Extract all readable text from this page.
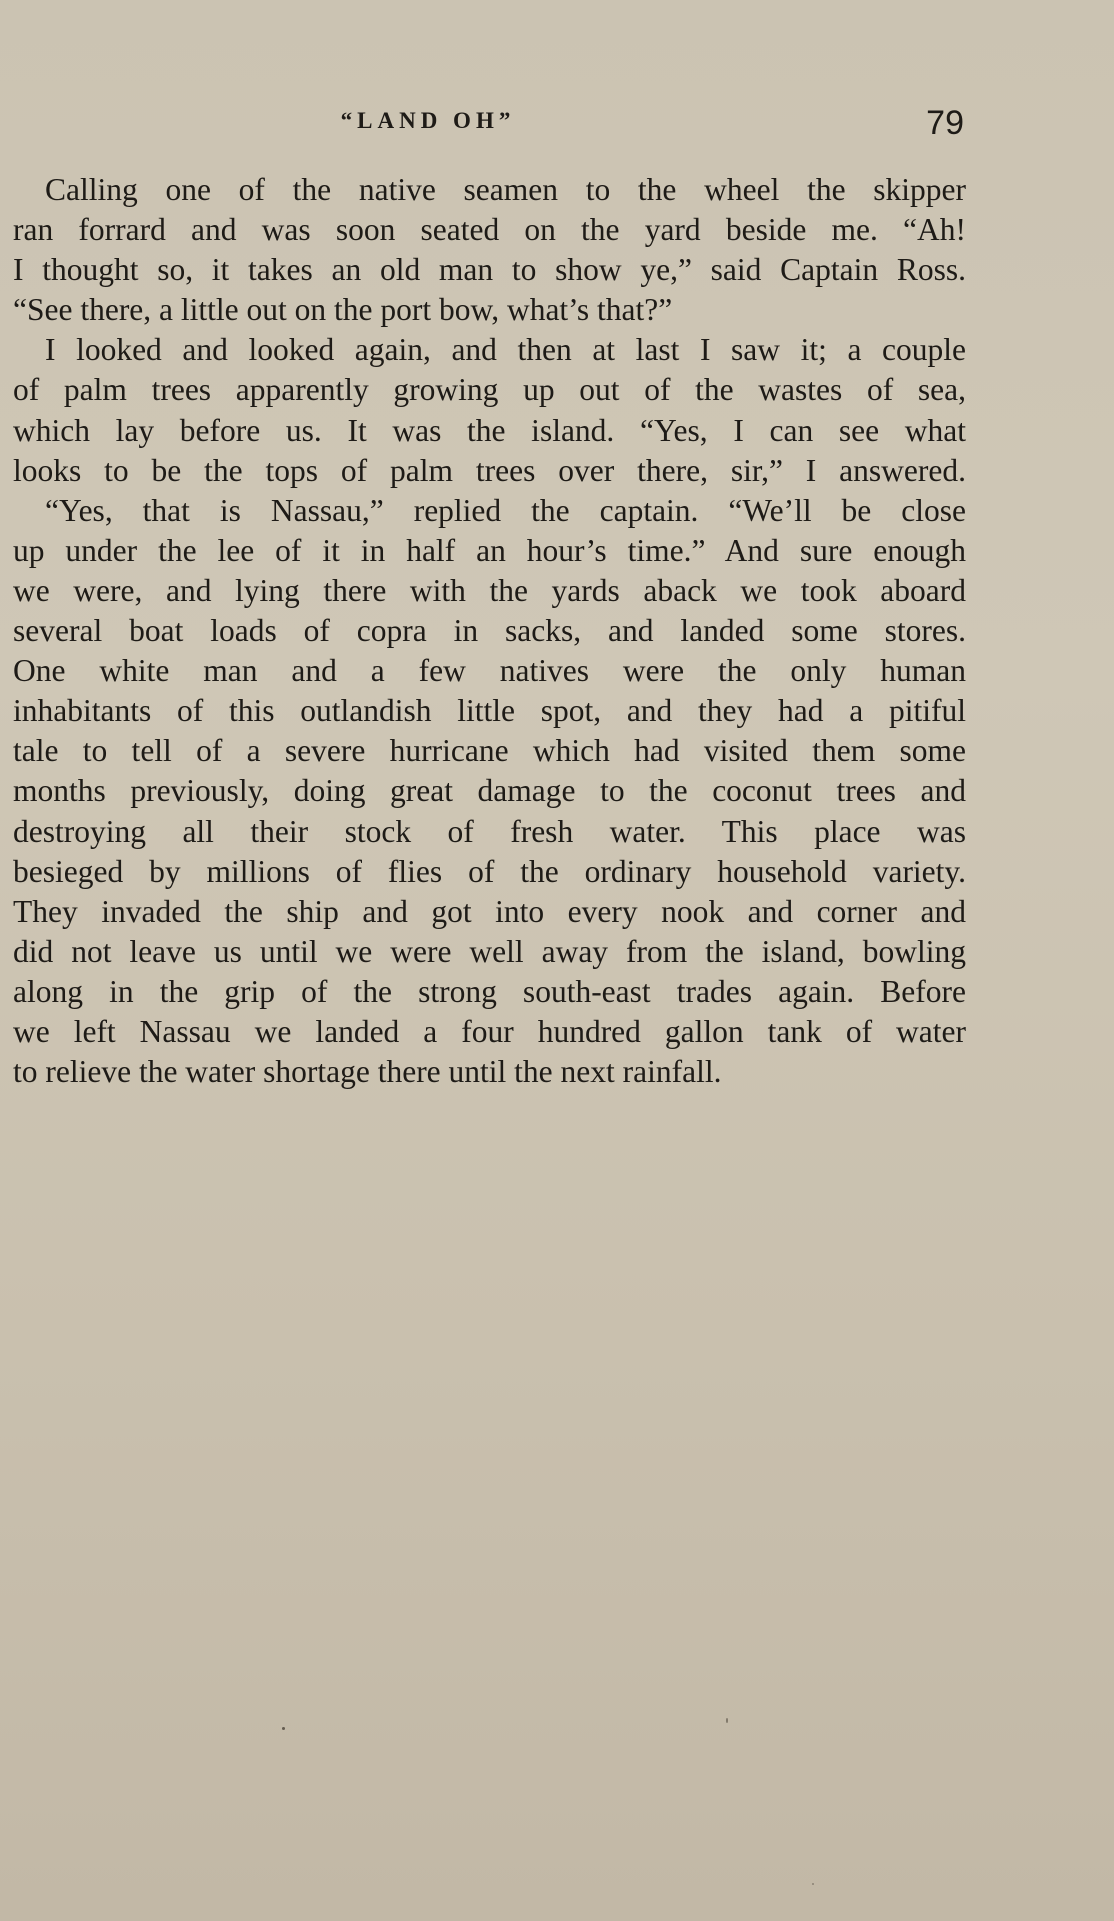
“LAND OH”	79
Calling one of the native seamen to the wheel the skipper
ran forrard and was soon seated on the yard beside me. “Ah!
I thought so, it takes an old man to show ye,” said Captain Ross.
“See there, a little out on the port bow, what’s that?”
I looked and looked again, and then at last I saw it; a couple
of palm trees apparently growing up out of the wastes of sea,
which lay before us. It was the island. “Yes, I can see what
looks to be the tops of palm trees over there, sir,” I answered.
“Yes, that is Nassau,” replied the captain. “We’ll be close
up under the lee of it in half an hour’s time.” And sure enough
we were, and lying there with the yards aback we took aboard
several boat loads of copra in sacks, and landed some stores.
One white man and a few natives were the only human
inhabitants of this outlandish little spot, and they had a pitiful
tale to tell of a severe hurricane which had visited them some
months previously, doing great damage to the coconut trees and
destroying all their stock of fresh water. This place was
besieged by millions of flies of the ordinary household variety.
They invaded the ship and got into every nook and corner and
did not leave us until we were well away from the island, bowling
along in the grip of the strong south-east trades again. Before
we left Nassau we landed a four hundred gallon tank of water
to relieve the water shortage there until the next rainfall.
